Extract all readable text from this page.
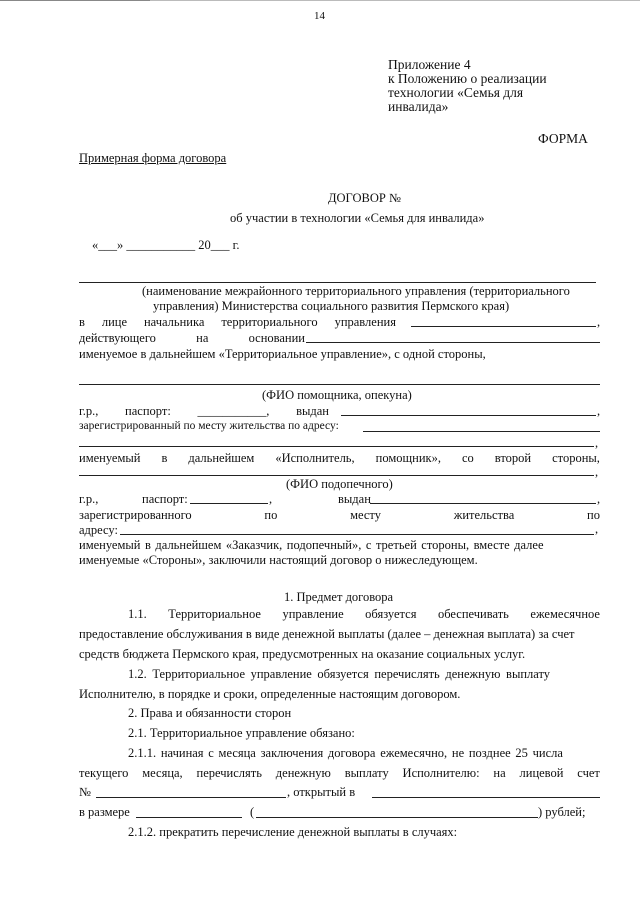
14
Приложение 4
к Положению о реализации
технологии «Семья для
инвалида»
ФОРМА
Примерная форма договора
ДОГОВОР №
об участии в технологии «Семья для инвалида»
«___» ___________ 20___ г.
(наименование межрайонного территориального управления (территориального
управления) Министерства социального развития Пермского края)
в лице начальника территориального управления	,
действующего	на	основании
именуемое в дальнейшем «Территориальное управление», с одной стороны,
(ФИО помощника, опекуна)
г.р., паспорт: ___________, выдан	,
зарегистрированный по месту жительства по адресу:
,
именуемый в дальнейшем «Исполнитель, помощник», со второй стороны,
,
(ФИО подопечного)
г.р.,	паспорт:	,	выдан	,
зарегистрированного	по	месту	жительства	по
адресу:	,
именуемый в дальнейшем «Заказчик, подопечный», с третьей стороны, вместе далее
именуемые «Стороны», заключили настоящий договор о нижеследующем.
1. Предмет договора
1.1. Территориальное управление обязуется обеспечивать ежемесячное
предоставление обслуживания в виде денежной выплаты (далее – денежная выплата) за счет
средств бюджета Пермского края, предусмотренных на оказание социальных услуг.
1.2. Территориальное управление обязуется перечислять денежную выплату
Исполнителю, в порядке и сроки, определенные настоящим договором.
2. Права и обязанности сторон
2.1. Территориальное управление обязано:
2.1.1. начиная с месяца заключения договора ежемесячно, не позднее 25 числа
текущего месяца, перечислять денежную выплату Исполнителю: на лицевой счет
№	, открытый в
в размере	(	) рублей;
2.1.2. прекратить перечисление денежной выплаты в случаях:
